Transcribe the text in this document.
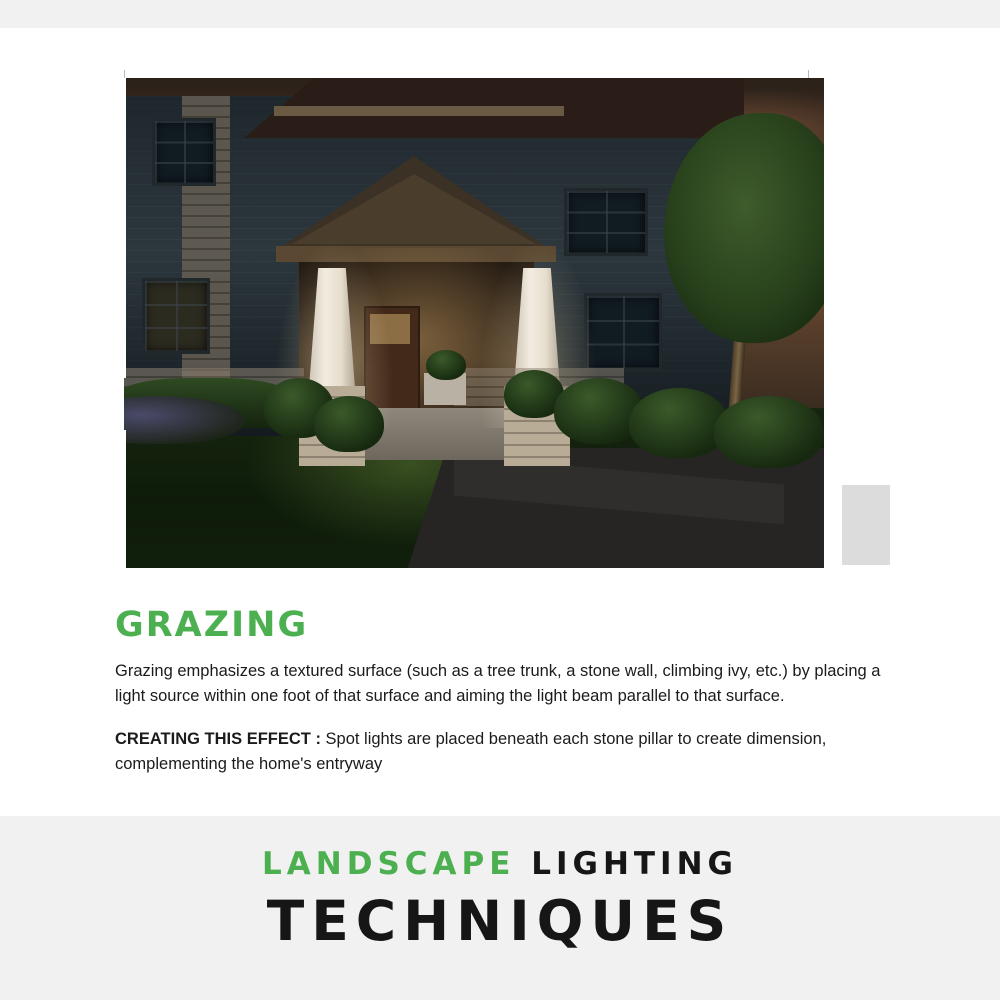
GRAZING

Grazing emphasizes a textured surface (such as a tree trunk, a stone wall, climbing ivy, etc.) by placing a light source within one foot of that surface and aiming the light beam parallel to that surface.

CREATING THIS EFFECT : Spot lights are placed beneath each stone pillar to create dimension, complementing the home's entryway

LANDSCAPE LIGHTING
TECHNIQUES
